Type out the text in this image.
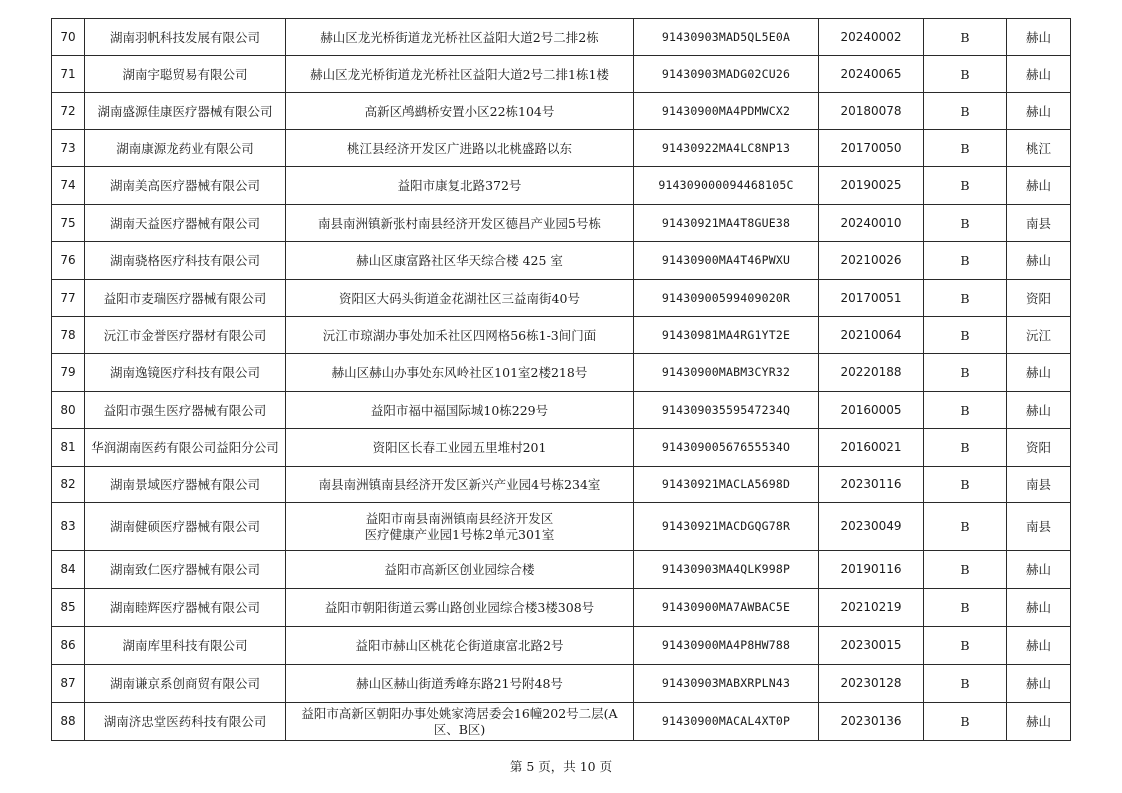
70	湖南羽帆科技发展有限公司	赫山区龙光桥街道龙光桥社区益阳大道2号二排2栋	91430903MAD5QL5E0A	20240002	B	赫山
71	湖南宇聪贸易有限公司	赫山区龙光桥街道龙光桥社区益阳大道2号二排1栋1楼	91430903MADG02CU26	20240065	B	赫山
72	湖南盛源佳康医疗器械有限公司	高新区鸬鹚桥安置小区22栋104号	91430900MA4PDMWCX2	20180078	B	赫山
73	湖南康源龙药业有限公司	桃江县经济开发区广进路以北桃盛路以东	91430922MA4LC8NP13	20170050	B	桃江
74	湖南美高医疗器械有限公司	益阳市康复北路372号	914309000094468105C	20190025	B	赫山
75	湖南天益医疗器械有限公司	南县南洲镇新张村南县经济开发区德昌产业园5号栋	91430921MA4T8GUE38	20240010	B	南县
76	湖南骁格医疗科技有限公司	赫山区康富路社区华天综合楼 425 室	91430900MA4T46PWXU	20210026	B	赫山
77	益阳市麦瑞医疗器械有限公司	资阳区大码头街道金花湖社区三益南街40号	91430900599409020R	20170051	B	资阳
78	沅江市金誉医疗器材有限公司	沅江市琼湖办事处加禾社区四网格56栋1-3间门面	91430981MA4RG1YT2E	20210064	B	沅江
79	湖南逸镜医疗科技有限公司	赫山区赫山办事处东风岭社区101室2楼218号	91430900MABM3CYR32	20220188	B	赫山
80	益阳市强生医疗器械有限公司	益阳市福中福国际城10栋229号	91430903559547234Q	20160005	B	赫山
81	华润湖南医药有限公司益阳分公司	资阳区长春工业园五里堆村201	91430900567655534O	20160021	B	资阳
82	湖南景域医疗器械有限公司	南县南洲镇南县经济开发区新兴产业园4号栋234室	91430921MACLA5698D	20230116	B	南县
83	湖南健硕医疗器械有限公司	益阳市南县南洲镇南县经济开发区
医疗健康产业园1号栋2单元301室	91430921MACDGQG78R	20230049	B	南县
84	湖南致仁医疗器械有限公司	益阳市高新区创业园综合楼	91430903MA4QLK998P	20190116	B	赫山
85	湖南睦辉医疗器械有限公司	益阳市朝阳街道云雾山路创业园综合楼3楼308号	91430900MA7AWBAC5E	20210219	B	赫山
86	湖南库里科技有限公司	益阳市赫山区桃花仑街道康富北路2号	91430900MA4P8HW788	20230015	B	赫山
87	湖南谦京系创商贸有限公司	赫山区赫山街道秀峰东路21号附48号	91430903MABXRPLN43	20230128	B	赫山
88	湖南济忠堂医药科技有限公司	益阳市高新区朝阳办事处姚家湾居委会16幢202号二层(A
区、B区)	91430900MACAL4XT0P	20230136	B	赫山
第 5 页，共 10 页
